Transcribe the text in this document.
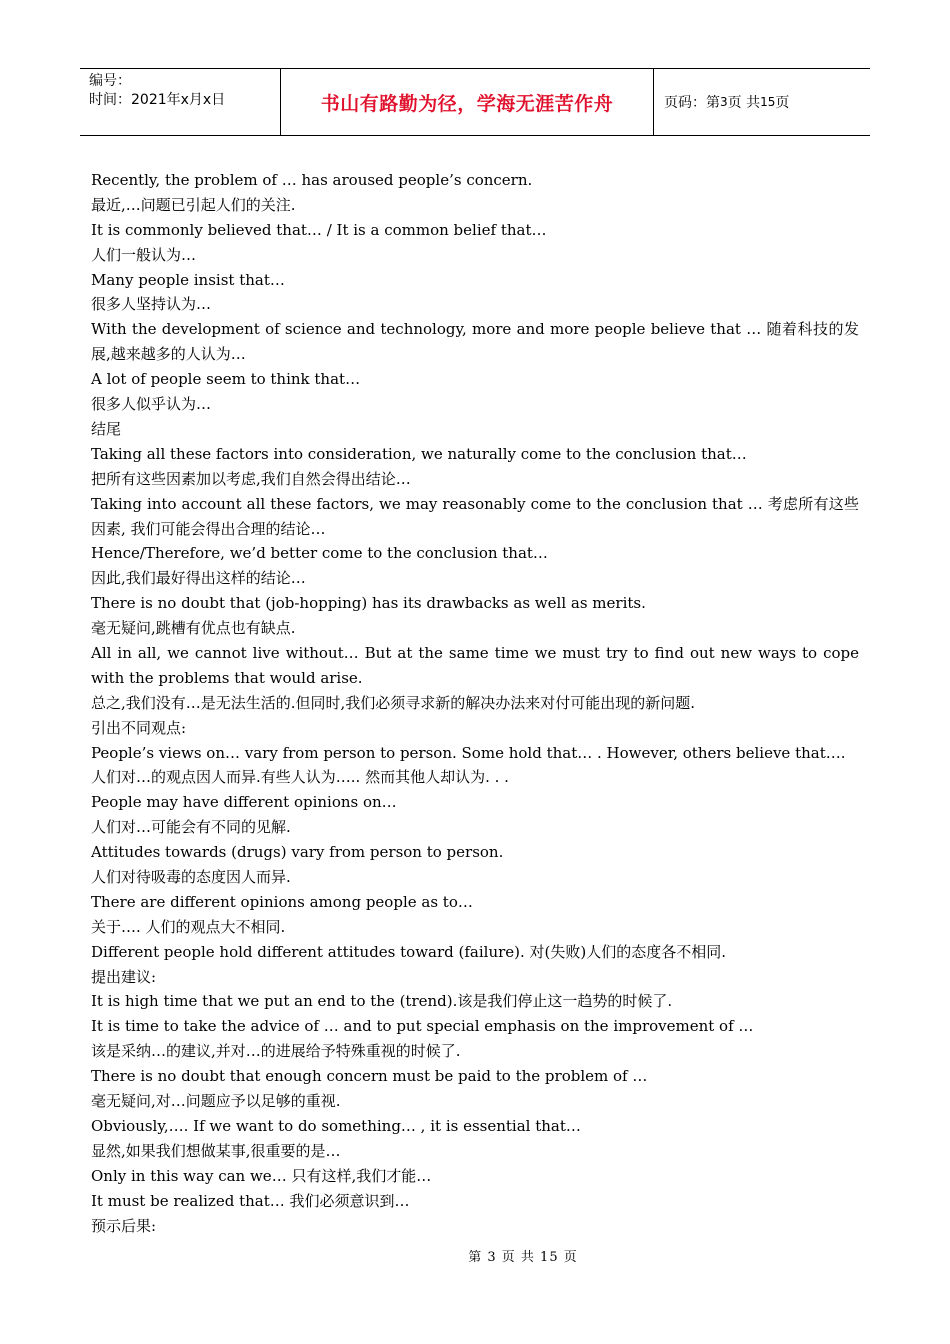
编号：
时间：2021年x月x日	书山有路勤为径，学海无涯苦作舟	页码：第 3 页 共 15 页
Recently, the problem of … has aroused people’s concern.
最近,…问题已引起人们的关注.
It is commonly believed that… / It is a common belief that…
人们一般认为…
Many people insist that…
很多人坚持认为…
With the development of science and technology, more and more people believe that … 随着科技的发展,越来越多的人认为…
A lot of people seem to think that…
很多人似乎认为…
结尾
Taking all these factors into consideration, we naturally come to the conclusion that…
把所有这些因素加以考虑,我们自然会得出结论…
Taking into account all these factors, we may reasonably come to the conclusion that … 考虑所有这些因素, 我们可能会得出合理的结论…
Hence/Therefore, we’d better come to the conclusion that…
因此,我们最好得出这样的结论…
There is no doubt that (job-hopping) has its drawbacks as well as merits.
毫无疑问,跳槽有优点也有缺点.
All in all, we cannot live without… But at the same time we must try to find out new ways to cope with the problems that would arise.
总之,我们没有…是无法生活的.但同时,我们必须寻求新的解决办法来对付可能出现的新问题.
引出不同观点:
People’s views on… vary from person to person. Some hold that… . However, others believe that….
人们对…的观点因人而异.有些人认为….. 然而其他人却认为. . .
People may have different opinions on…
人们对…可能会有不同的见解.
Attitudes towards (drugs) vary from person to person.
人们对待吸毒的态度因人而异.
There are different opinions among people as to…
关于…. 人们的观点大不相同.
Different people hold different attitudes toward (failure). 对(失败)人们的态度各不相同.
提出建议:
It is high time that we put an end to the (trend).该是我们停止这一趋势的时候了.
It is time to take the advice of … and to put special emphasis on the improvement of …
该是采纳…的建议,并对…的进展给予特殊重视的时候了.
There is no doubt that enough concern must be paid to the problem of …
毫无疑问,对…问题应予以足够的重视.
Obviously,…. If we want to do something… , it is essential that…
显然,如果我们想做某事,很重要的是…
Only in this way can we… 只有这样,我们才能…
It must be realized that… 我们必须意识到…
预示后果:
第 3 页 共 15 页
